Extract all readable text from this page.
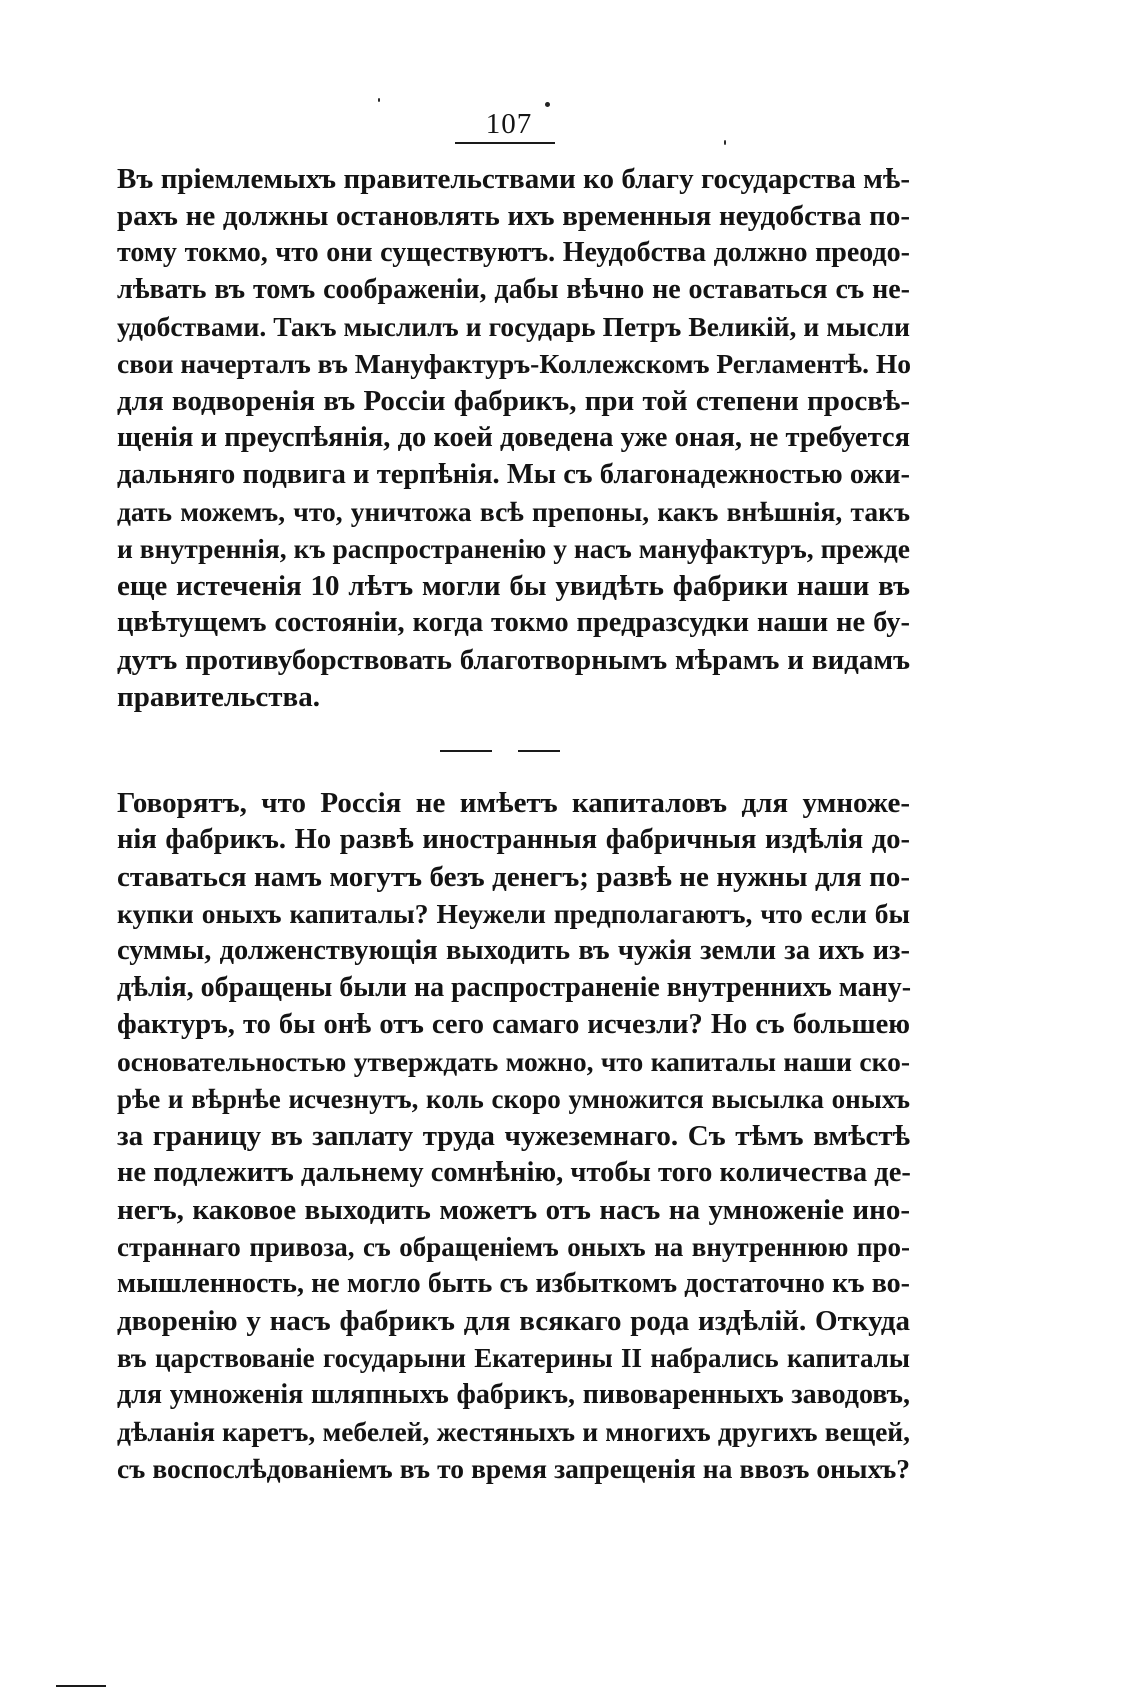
107

Въ пріемлемыхъ правительствами ко благу государства мѣ-

рахъ не должны остановлять ихъ временныя неудобства по-

тому токмо, что они существуютъ. Неудобства должно преодо-

лѣвать въ томъ соображеніи, дабы вѣчно не оставаться съ не-

удобствами. Такъ мыслилъ и государь Петръ Великій, и мысли

свои начерталъ въ Мануфактуръ-Коллежскомъ Регламентѣ. Но

для водворенія въ Россіи фабрикъ, при той степени просвѣ-

щенія и преуспѣянія, до коей доведена уже оная, не требуется

дальняго подвига и терпѣнія. Мы съ благонадежностью ожи-

дать можемъ, что, уничтожа всѣ препоны, какъ внѣшнія, такъ

и внутреннія, къ распространенію у насъ мануфактуръ, прежде

еще истеченія 10 лѣтъ могли бы увидѣть фабрики наши въ

цвѣтущемъ состояніи, когда токмо предразсудки наши не бу-

дутъ противуборствовать благотворнымъ мѣрамъ и видамъ

правительства.

Говорятъ, что Россія не имѣетъ капиталовъ для умноже-

нія фабрикъ. Но развѣ иностранныя фабричныя издѣлія до-

ставаться намъ могутъ безъ денегъ; развѣ не нужны для по-

купки оныхъ капиталы? Неужели предполагаютъ, что если бы

суммы, долженствующія выходить въ чужія земли за ихъ из-

дѣлія, обращены были на распространеніе внутреннихъ ману-

фактуръ, то бы онѣ отъ сего самаго исчезли? Но съ большею

основательностью утверждать можно, что капиталы наши ско-

рѣе и вѣрнѣе исчезнутъ, коль скоро умножится высылка оныхъ

за границу въ заплату труда чужеземнаго. Съ тѣмъ вмѣстѣ

не подлежитъ дальнему сомнѣнію, чтобы того количества де-

негъ, каковое выходить можетъ отъ насъ на умноженіе ино-

страннаго привоза, съ обращеніемъ оныхъ на внутреннюю про-

мышленность, не могло быть съ избыткомъ достаточно къ во-

дворенію у насъ фабрикъ для всякаго рода издѣлій. Откуда

въ царствованіе государыни Екатерины II набрались капиталы

для умноженія шляпныхъ фабрикъ, пивоваренныхъ заводовъ,

дѣланія каретъ, мебелей, жестяныхъ и многихъ другихъ вещей,

съ воспослѣдованіемъ въ то время запрещенія на ввозъ оныхъ?
